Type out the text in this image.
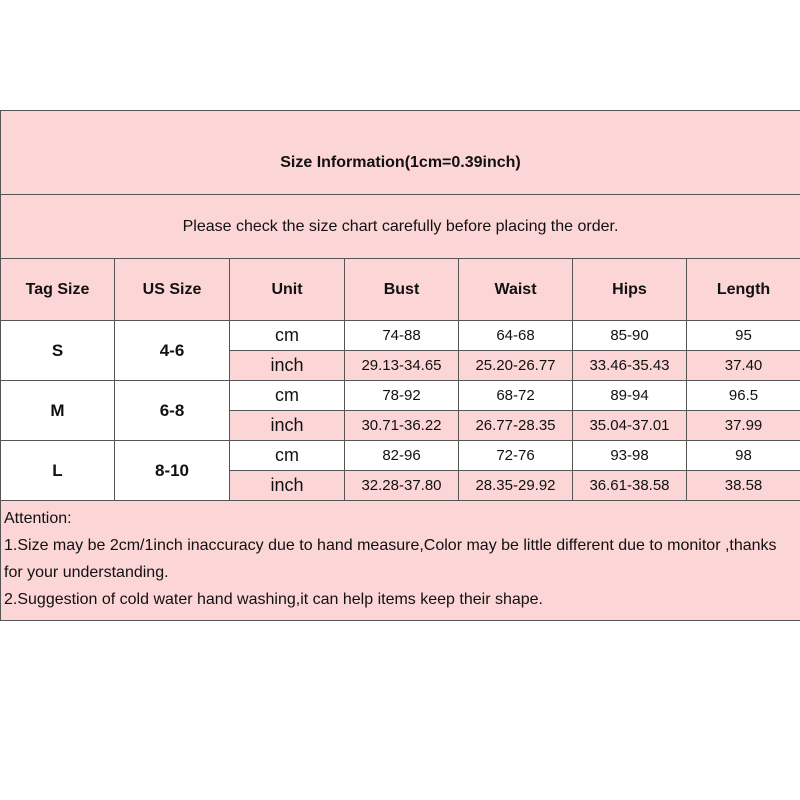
Size Information(1cm=0.39inch)						
Please check the size chart carefully before placing the order.						
Tag Size	US Size	Unit	Bust	Waist	Hips	Length
S	4-6	cm	74-88	64-68	85-90	95
		inch	29.13-34.65	25.20-26.77	33.46-35.43	37.40
M	6-8	cm	78-92	68-72	89-94	96.5
		inch	30.71-36.22	26.77-28.35	35.04-37.01	37.99
L	8-10	cm	82-96	72-76	93-98	98
		inch	32.28-37.80	28.35-29.92	36.61-38.58	38.58

Attention:
1.Size may be 2cm/1inch inaccuracy due to hand measure,Color may be little different due to monitor ,thanks for your understanding.
2.Suggestion of cold water hand washing,it can help items keep their shape.						
